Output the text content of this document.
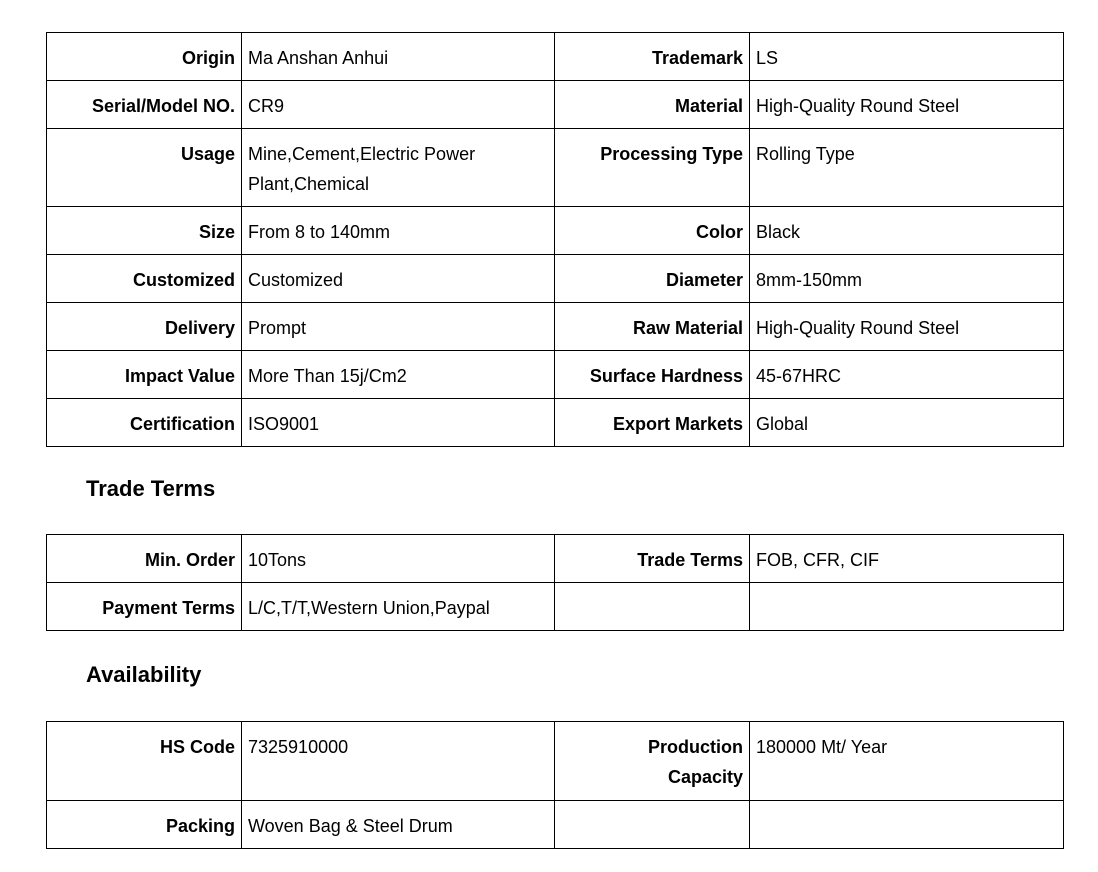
Origin	Ma Anshan Anhui	Trademark	LS
Serial/Model NO.	CR9	Material	High-Quality Round Steel
Usage	Mine,Cement,Electric Power Plant,Chemical	Processing Type	Rolling Type
Size	From 8 to 140mm	Color	Black
Customized	Customized	Diameter	8mm-150mm
Delivery	Prompt	Raw Material	High-Quality Round Steel
Impact Value	More Than 15j/Cm2	Surface Hardness	45-67HRC
Certification	ISO9001	Export Markets	Global
Trade Terms
Min. Order	10Tons	Trade Terms	FOB, CFR, CIF
Payment Terms	L/C,T/T,Western Union,Paypal		
Availability
HS Code	7325910000	Production Capacity	180000 Mt/ Year
Packing	Woven Bag & Steel Drum		
